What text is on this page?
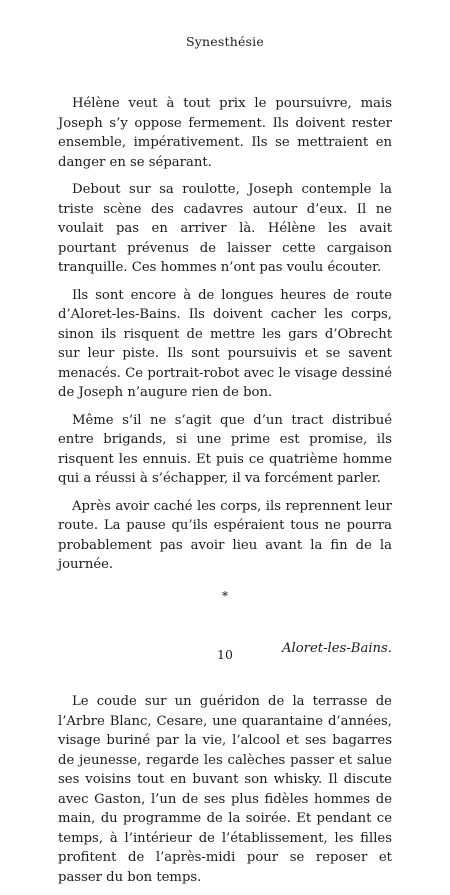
Synesthésie

Hélène veut à tout prix le poursuivre, mais Joseph s’y oppose fermement. Ils doivent rester ensemble, impérativement. Ils se mettraient en danger en se séparant.

Debout sur sa roulotte, Joseph contemple la triste scène des cadavres autour d’eux. Il ne voulait pas en arriver là. Hélène les avait pourtant prévenus de laisser cette cargaison tranquille. Ces hommes n’ont pas voulu écouter.

Ils sont encore à de longues heures de route d’Aloret-les-Bains. Ils doivent cacher les corps, sinon ils risquent de mettre les gars d’Obrecht sur leur piste. Ils sont poursuivis et se savent menacés. Ce portrait-robot avec le visage dessiné de Joseph n’augure rien de bon.

Même s’il ne s’agit que d’un tract distribué entre brigands, si une prime est promise, ils risquent les ennuis. Et puis ce quatrième homme qui a réussi à s’échapper, il va forcément parler.

Après avoir caché les corps, ils reprennent leur route. La pause qu’ils espéraient tous ne pourra probablement pas avoir lieu avant la fin de la journée.

*
Aloret-les-Bains.

Le coude sur un guéridon de la terrasse de l’Arbre Blanc, Cesare, une quarantaine d’années, visage buriné par la vie, l’alcool et ses bagarres de jeunesse, regarde les calèches passer et salue ses voisins tout en buvant son whisky. Il discute avec Gaston, l’un de ses plus fidèles hommes de main, du programme de la soirée. Et pendant ce temps, à l’intérieur de l’établissement, les filles profitent de l’après-midi pour se reposer et passer du bon temps.

10
